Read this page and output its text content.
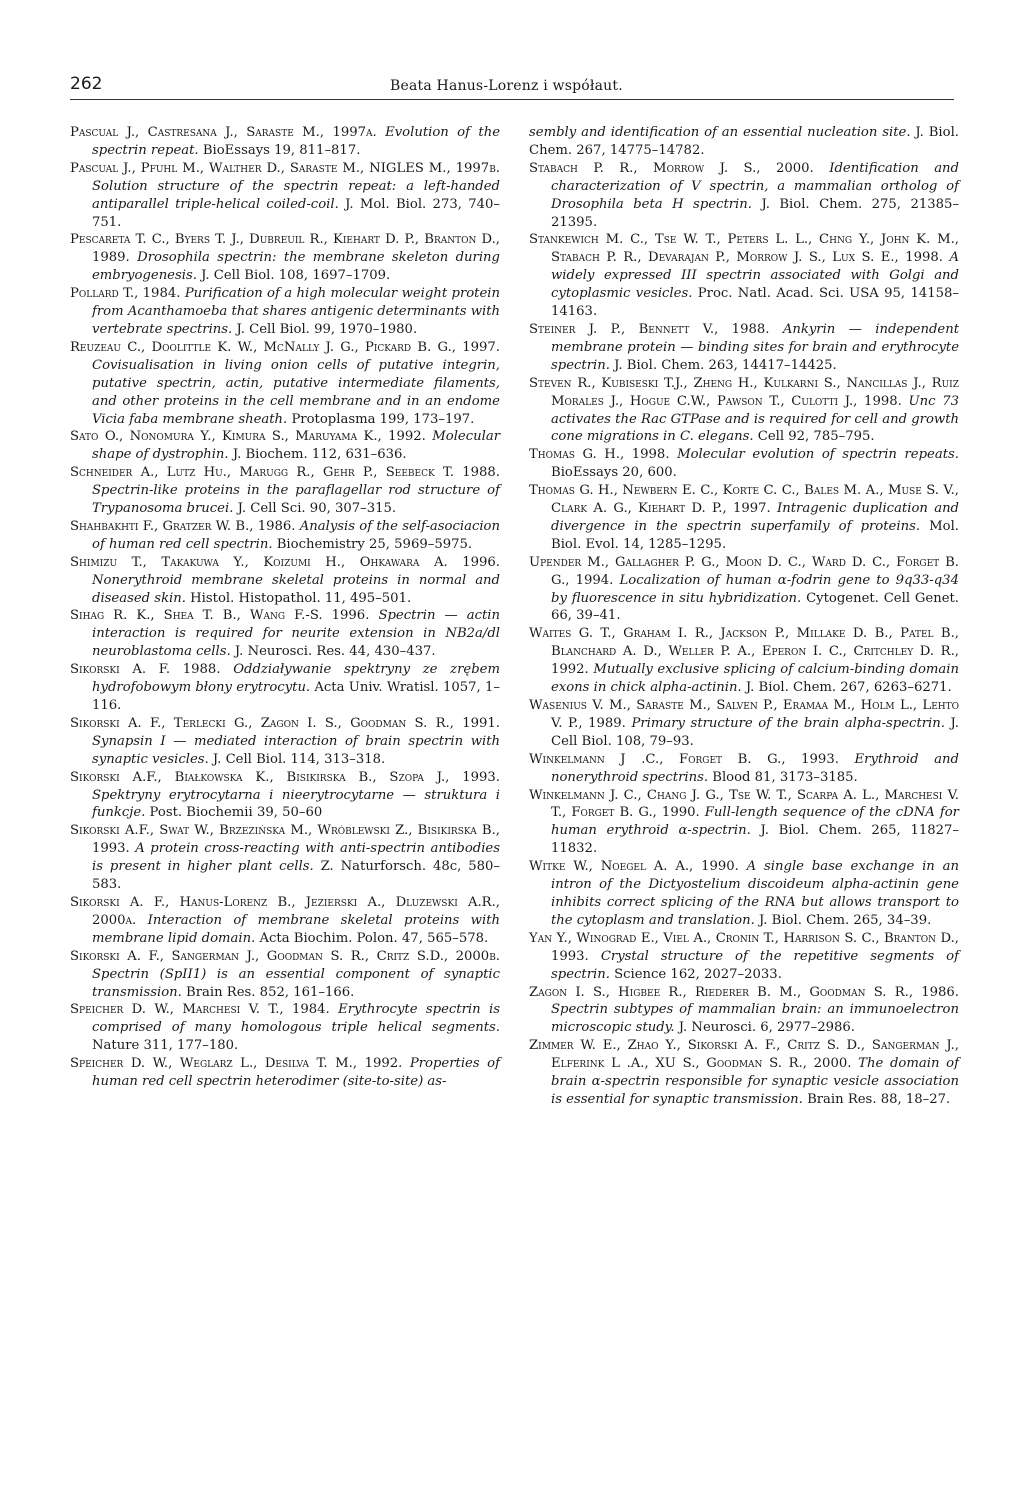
262	Beata Hanus-Lorenz i współaut.

Pascual J., Castresana J., Saraste M., 1997a. Evolution of the spectrin repeat. BioEssays 19, 811–817.

Pascual J., Pfuhl M., Walther D., Saraste M., NIGLES M., 1997b. Solution structure of the spectrin repeat: a left-handed antiparallel triple-helical coiled-coil. J. Mol. Biol. 273, 740–751.

Pescareta T. C., Byers T. J., Dubreuil R., Kiehart D. P., Branton D., 1989. Drosophila spectrin: the membrane skeleton during embryogenesis. J. Cell Biol. 108, 1697–1709.

Pollard T., 1984. Purification of a high molecular weight protein from Acanthamoeba that shares antigenic determinants with vertebrate spectrins. J. Cell Biol. 99, 1970–1980.

Reuzeau C., Doolittle K. W., McNally J. G., Pickard B. G., 1997. Covisualisation in living onion cells of putative integrin, putative spectrin, actin, putative intermediate filaments, and other proteins in the cell membrane and in an endome Vicia faba membrane sheath. Protoplasma 199, 173–197.

Sato O., Nonomura Y., Kimura S., Maruyama K., 1992. Molecular shape of dystrophin. J. Biochem. 112, 631–636.

Schneider A., Lutz Hu., Marugg R., Gehr P., Seebeck T. 1988. Spectrin-like proteins in the paraflagellar rod structure of Trypanosoma brucei. J. Cell Sci. 90, 307–315.

Shahbakhti F., Gratzer W. B., 1986. Analysis of the self-asociacion of human red cell spectrin. Biochemistry 25, 5969–5975.

Shimizu T., Takakuwa Y., Koizumi H., Ohkawara A. 1996. Nonerythroid membrane skeletal proteins in normal and diseased skin. Histol. Histopathol. 11, 495–501.

Sihag R. K., Shea T. B., Wang F.-S. 1996. Spectrin — actin interaction is required for neurite extension in NB2a/dl neuroblastoma cells. J. Neurosci. Res. 44, 430–437.

Sikorski A. F. 1988. Oddziaływanie spektryny ze zrębem hydrofobowym błony erytrocytu. Acta Univ. Wratisl. 1057, 1–116.

Sikorski A. F., Terlecki G., Zagon I. S., Goodman S. R., 1991. Synapsin I — mediated interaction of brain spectrin with synaptic vesicles. J. Cell Biol. 114, 313–318.

Sikorski A.F., Białkowska K., Bisikirska B., Szopa J., 1993. Spektryny erytrocytarna i nieerytrocytarne — struktura i funkcje. Post. Biochemii 39, 50–60

Sikorski A.F., Swat W., Brzezińska M., Wróblewski Z., Bisikirska B., 1993. A protein cross-reacting with anti-spectrin antibodies is present in higher plant cells. Z. Naturforsch. 48c, 580–583.

Sikorski A. F., Hanus-Lorenz B., Jezierski A., Dluzewski A.R., 2000a. Interaction of membrane skeletal proteins with membrane lipid domain. Acta Biochim. Polon. 47, 565–578.

Sikorski A. F., Sangerman J., Goodman S. R., Critz S.D., 2000b. Spectrin (SpII1) is an essential component of synaptic transmission. Brain Res. 852, 161–166.

Speicher D. W., Marchesi V. T., 1984. Erythrocyte spectrin is comprised of many homologous triple helical segments. Nature 311, 177–180.

Speicher D. W., Weglarz L., Desilva T. M., 1992. Properties of human red cell spectrin heterodimer (site-to-site) as-

sembly and identification of an essential nucleation site. J. Biol. Chem. 267, 14775–14782.

Stabach P. R., Morrow J. S., 2000. Identification and characterization of V spectrin, a mammalian ortholog of Drosophila beta H spectrin. J. Biol. Chem. 275, 21385–21395.

Stankewich M. C., Tse W. T., Peters L. L., Chng Y., John K. M., Stabach P. R., Devarajan P., Morrow J. S., Lux S. E., 1998. A widely expressed III spectrin associated with Golgi and cytoplasmic vesicles. Proc. Natl. Acad. Sci. USA 95, 14158–14163.

Steiner J. P., Bennett V., 1988. Ankyrin — independent membrane protein — binding sites for brain and erythrocyte spectrin. J. Biol. Chem. 263, 14417–14425.

Steven R., Kubiseski T.J., Zheng H., Kulkarni S., Nancillas J., Ruiz Morales J., Hogue C.W., Pawson T., Culotti J., 1998. Unc 73 activates the Rac GTPase and is required for cell and growth cone migrations in C. elegans. Cell 92, 785–795.

Thomas G. H., 1998. Molecular evolution of spectrin repeats. BioEssays 20, 600.

Thomas G. H., Newbern E. C., Korte C. C., Bales M. A., Muse S. V., Clark A. G., Kiehart D. P., 1997. Intragenic duplication and divergence in the spectrin superfamily of proteins. Mol. Biol. Evol. 14, 1285–1295.

Upender M., Gallagher P. G., Moon D. C., Ward D. C., Forget B. G., 1994. Localization of human α-fodrin gene to 9q33-q34 by fluorescence in situ hybridization. Cytogenet. Cell Genet. 66, 39–41.

Waites G. T., Graham I. R., Jackson P., Millake D. B., Patel B., Blanchard A. D., Weller P. A., Eperon I. C., Critchley D. R., 1992. Mutually exclusive splicing of calcium-binding domain exons in chick alpha-actinin. J. Biol. Chem. 267, 6263–6271.

Wasenius V. M., Saraste M., Salven P., Eramaa M., Holm L., Lehto V. P., 1989. Primary structure of the brain alpha-spectrin. J. Cell Biol. 108, 79–93.

Winkelmann J .C., Forget B. G., 1993. Erythroid and nonerythroid spectrins. Blood 81, 3173–3185.

Winkelmann J. C., Chang J. G., Tse W. T., Scarpa A. L., Marchesi V. T., Forget B. G., 1990. Full-length sequence of the cDNA for human erythroid α-spectrin. J. Biol. Chem. 265, 11827–11832.

Witke W., Noegel A. A., 1990. A single base exchange in an intron of the Dictyostelium discoideum alpha-actinin gene inhibits correct splicing of the RNA but allows transport to the cytoplasm and translation. J. Biol. Chem. 265, 34–39.

Yan Y., Winograd E., Viel A., Cronin T., Harrison S. C., Branton D., 1993. Crystal structure of the repetitive segments of spectrin. Science 162, 2027–2033.

Zagon I. S., Higbee R., Riederer B. M., Goodman S. R., 1986. Spectrin subtypes of mammalian brain: an immunoelectron microscopic study. J. Neurosci. 6, 2977–2986.

Zimmer W. E., Zhao Y., Sikorski A. F., Critz S. D., Sangerman J., Elferink L .A., XU S., Goodman S. R., 2000. The domain of brain α-spectrin responsible for synaptic vesicle association is essential for synaptic transmission. Brain Res. 88, 18–27.
